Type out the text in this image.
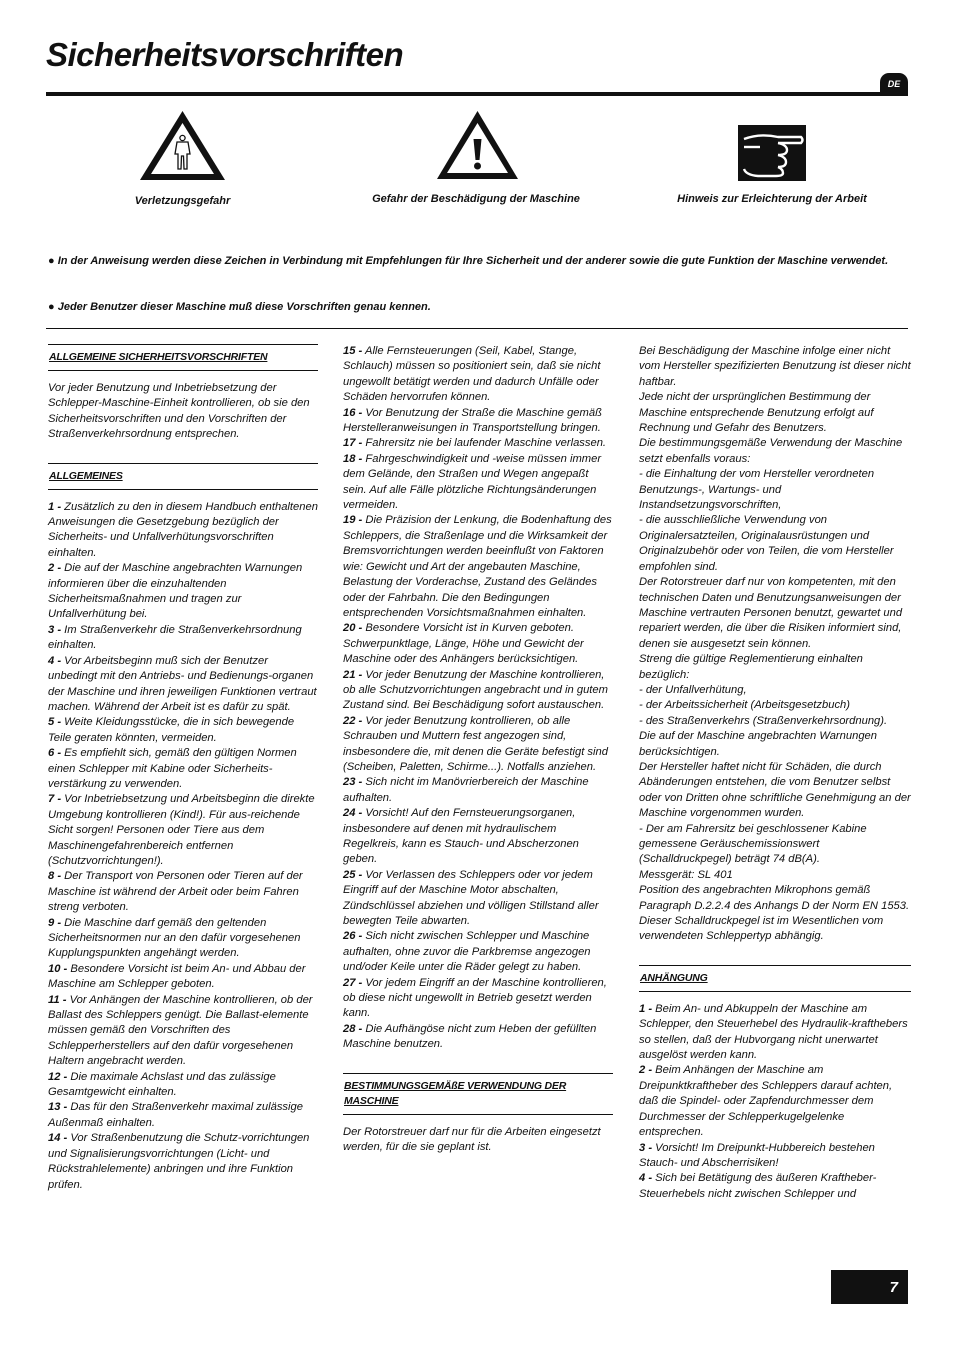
Sicherheitsvorschriften
DE
Verletzungsgefahr	Gefahr der Beschädigung der Maschine	Hinweis zur Erleichterung der Arbeit
● In der Anweisung werden diese Zeichen in Verbindung mit Empfehlungen für Ihre Sicherheit und der anderer sowie die gute Funktion der Maschine verwendet.
● Jeder Benutzer dieser Maschine muß diese Vorschriften genau kennen.
ALLGEMEINE SICHERHEITSVORSCHRIFTEN

Vor jeder Benutzung und Inbetriebsetzung der Schlepper-Maschine-Einheit kontrollieren, ob sie den Sicherheitsvorschriften und den Vorschriften der Straßenverkehrsordnung entsprechen.

ALLGEMEINES

1 - Zusätzlich zu den in diesem Handbuch enthaltenen Anweisungen die Gesetzgebung bezüglich der Sicherheits- und Unfallverhütungsvorschriften einhalten.

2 - Die auf der Maschine angebrachten Warnungen informieren über die einzuhaltenden Sicherheitsmaßnahmen und tragen zur Unfallverhütung bei.

3 - Im Straßenverkehr die Straßenverkehrsordnung einhalten.

4 - Vor Arbeitsbeginn muß sich der Benutzer unbedingt mit den Antriebs- und Bedienungs-organen der Maschine und ihren jeweiligen Funktionen vertraut machen. Während der Arbeit ist es dafür zu spät.

5 - Weite Kleidungsstücke, die in sich bewegende Teile geraten könnten, vermeiden.

6 - Es empfiehlt sich, gemäß den gültigen Normen einen Schlepper mit Kabine oder Sicherheits-verstärkung zu verwenden.

7 - Vor Inbetriebsetzung und Arbeitsbeginn die direkte Umgebung kontrollieren (Kind!). Für aus-reichende Sicht sorgen! Personen oder Tiere aus dem Maschinengefahrenbereich entfernen (Schutzvorrichtungen!).

8 - Der Transport von Personen oder Tieren auf der Maschine ist während der Arbeit oder beim Fahren streng verboten.

9 - Die Maschine darf gemäß den geltenden Sicherheitsnormen nur an den dafür vorgesehenen Kupplungspunkten angehängt werden.

10 - Besondere Vorsicht ist beim An- und Abbau der Maschine am Schlepper geboten.

11 - Vor Anhängen der Maschine kontrollieren, ob der Ballast des Schleppers genügt. Die Ballast-elemente müssen gemäß den Vorschriften des Schlepperherstellers auf den dafür vorgesehenen Haltern angebracht werden.

12 - Die maximale Achslast und das zulässige Gesamtgewicht einhalten.

13 - Das für den Straßenverkehr maximal zulässige Außenmaß einhalten.

14 - Vor Straßenbenutzung die Schutz-vorrichtungen und Signalisierungsvorrichtungen (Licht- und Rückstrahlelemente) anbringen und ihre Funktion prüfen.

15 - Alle Fernsteuerungen (Seil, Kabel, Stange, Schlauch) müssen so positioniert sein, daß sie nicht ungewollt betätigt werden und dadurch Unfälle oder Schäden hervorrufen können.

16 - Vor Benutzung der Straße die Maschine gemäß Herstelleranweisungen in Transportstellung bringen.

17 - Fahrersitz nie bei laufender Maschine verlassen.

18 - Fahrgeschwindigkeit und -weise müssen immer dem Gelände, den Straßen und Wegen angepaßt sein. Auf alle Fälle plötzliche Richtungsänderungen vermeiden.

19 - Die Präzision der Lenkung, die Bodenhaftung des Schleppers, die Straßenlage und die Wirksamkeit der Bremsvorrichtungen werden beeinflußt von Faktoren wie: Gewicht und Art der angebauten Maschine, Belastung der Vorderachse, Zustand des Geländes oder der Fahrbahn. Die den Bedingungen entsprechenden Vorsichtsmaßnahmen einhalten.

20 - Besondere Vorsicht ist in Kurven geboten. Schwerpunktlage, Länge, Höhe und Gewicht der Maschine oder des Anhängers berücksichtigen.

21 - Vor jeder Benutzung der Maschine kontrollieren, ob alle Schutzvorrichtungen angebracht und in gutem Zustand sind. Bei Beschädigung sofort austauschen.

22 - Vor jeder Benutzung kontrollieren, ob alle Schrauben und Muttern fest angezogen sind, insbesondere die, mit denen die Geräte befestigt sind (Scheiben, Paletten, Schirme...). Notfalls anziehen.

23 - Sich nicht im Manövrierbereich der Maschine aufhalten.

24 - Vorsicht! Auf den Fernsteuerungsorganen, insbesondere auf denen mit hydraulischem Regelkreis, kann es Stauch- und Abscherzonen geben.

25 - Vor Verlassen des Schleppers oder vor jedem Eingriff auf der Maschine Motor abschalten, Zündschlüssel abziehen und völligen Stillstand aller bewegten Teile abwarten.

26 - Sich nicht zwischen Schlepper und Maschine aufhalten, ohne zuvor die Parkbremse angezogen und/oder Keile unter die Räder gelegt zu haben.

27 - Vor jedem Eingriff an der Maschine kontrollieren, ob diese nicht ungewollt in Betrieb gesetzt werden kann.

28 - Die Aufhängöse nicht zum Heben der gefüllten Maschine benutzen.

BESTIMMUNGSGEMÄßE VERWENDUNG DER MASCHINE

Der Rotorstreuer darf nur für die Arbeiten eingesetzt werden, für die sie geplant ist.

Bei Beschädigung der Maschine infolge einer nicht vom Hersteller spezifizierten Benutzung ist dieser nicht haftbar.

Jede nicht der ursprünglichen Bestimmung der Maschine entsprechende Benutzung erfolgt auf Rechnung und Gefahr des Benutzers.

Die bestimmungsgemäße Verwendung der Maschine setzt ebenfalls voraus:

- die Einhaltung der vom Hersteller verordneten Benutzungs-, Wartungs- und Instandsetzungsvorschriften,

- die ausschließliche Verwendung von Originalersatzteilen, Originalausrüstungen und Originalzubehör oder von Teilen, die vom Hersteller empfohlen sind.

Der Rotorstreuer darf nur von kompetenten, mit den technischen Daten und Benutzungsanweisungen der Maschine vertrauten Personen benutzt, gewartet und repariert werden, die über die Risiken informiert sind, denen sie ausgesetzt sein können.

Streng die gültige Reglementierung einhalten bezüglich:

- der Unfallverhütung,

- der Arbeitssicherheit (Arbeitsgesetzbuch)

- des Straßenverkehrs (Straßenverkehrsordnung).

Die auf der Maschine angebrachten Warnungen berücksichtigen.

Der Hersteller haftet nicht für Schäden, die durch Abänderungen entstehen, die vom Benutzer selbst oder von Dritten ohne schriftliche Genehmigung an der Maschine vorgenommen wurden.

- Der am Fahrersitz bei geschlossener Kabine gemessene Geräuschemissionswert (Schalldruckpegel) beträgt 74 dB(A).

Messgerät: SL 401

Position des angebrachten Mikrophons gemäß Paragraph D.2.2.4 des Anhangs D der Norm EN 1553.

Dieser Schalldruckpegel ist im Wesentlichen vom verwendeten Schleppertyp abhängig.

ANHÄNGUNG

1 - Beim An- und Abkuppeln der Maschine am Schlepper, den Steuerhebel des Hydraulik-krafthebers so stellen, daß der Hubvorgang nicht unerwartet ausgelöst werden kann.

2 - Beim Anhängen der Maschine am Dreipunktkraftheber des Schleppers darauf achten, daß die Spindel- oder Zapfendurchmesser dem Durchmesser der Schlepperkugelgelenke entsprechen.

3 - Vorsicht! Im Dreipunkt-Hubbereich bestehen Stauch- und Abscherrisiken!

4 - Sich bei Betätigung des äußeren Kraftheber-Steuerhebels nicht zwischen Schlepper und

7
